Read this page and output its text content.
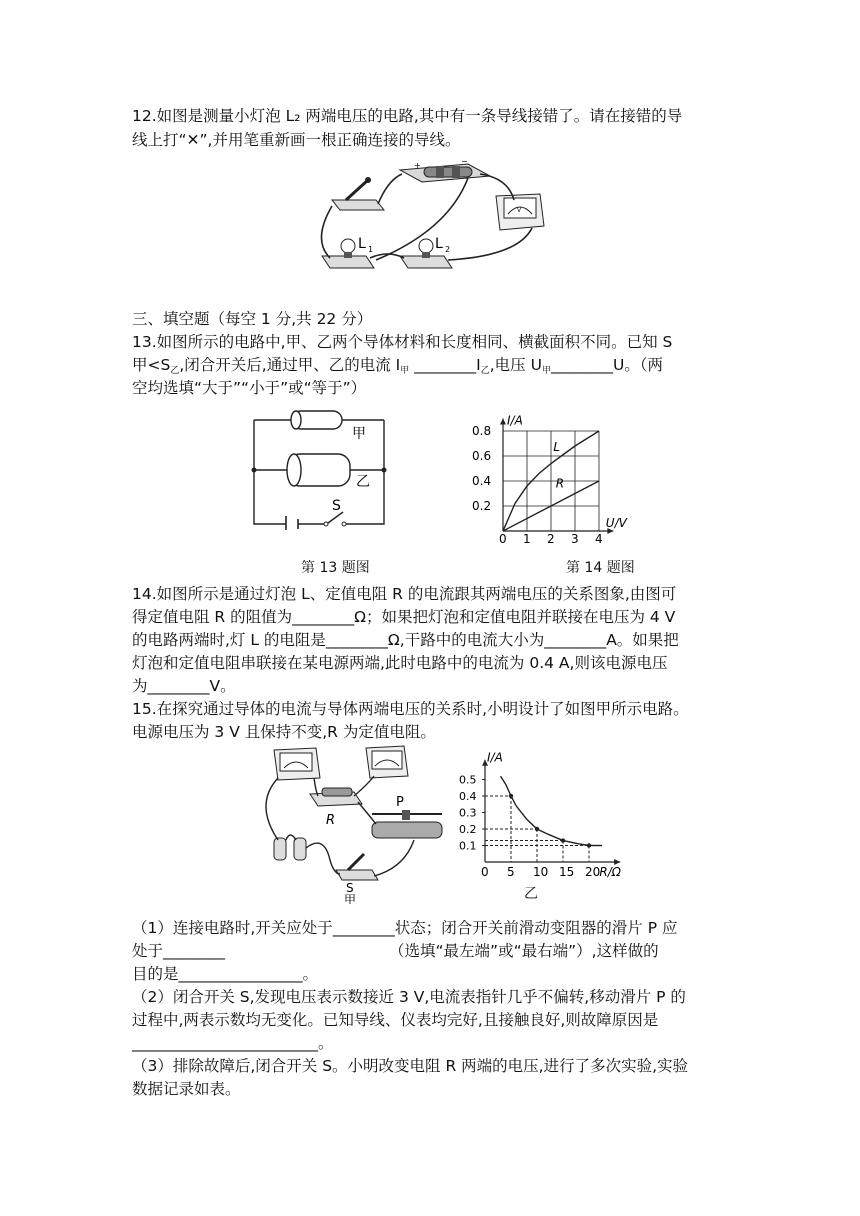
12.如图是测量小灯泡 L₂ 两端电压的电路,其中有一条导线接错了。请在接错的导
线上打“✕”,并用笔重新画一根正确连接的导线。
+	−
V
L 1	L 2
三、填空题（每空 1 分,共 22 分）
13.如图所示的电路中,甲、乙两个导体材料和长度相同、横截面积不同。已知 S
甲$<S_乙$,闭合开关后,通过甲、乙的电流 $I_甲$ $\_\_\_\_\_\_\_\_I_乙$,电压 $U_甲\_\_\_\_\_\_\_\_U$。（两
空均选填“大于”“小于”或“等于”）
甲
乙
S
0 1 2 3 4
0.2
0.4
0.6
0.8
I/A
U/V
L
R
第 13 题图	第 14 题图
14.如图所示是通过灯泡 L、定值电阻 R 的电流跟其两端电压的关系图象,由图可
得定值电阻 R 的阻值为________Ω；如果把灯泡和定值电阻并联接在电压为 4 V
的电路两端时,灯 L 的电阻是________Ω,干路中的电流大小为________A。如果把
灯泡和定值电阻串联接在某电源两端,此时电路中的电流为 0.4 A,则该电源电压
为________V。
15.在探究通过导体的电流与导体两端电压的关系时,小明设计了如图甲所示电路。
电源电压为 3 V 且保持不变,R 为定值电阻。
R
P
S
甲
0 5 10 15 20
0.1
0.2
0.3
0.4
0.5
I/A
R/Ω
乙
（1）连接电路时,开关应处于________状态；闭合开关前滑动变阻器的滑片 P 应
处于________	（选填“最左端”或“最右端”）,这样做的
目的是________________。
（2）闭合开关 S,发现电压表示数接近 3 V,电流表指针几乎不偏转,移动滑片 P 的
过程中,两表示数均无变化。已知导线、仪表均完好,且接触良好,则故障原因是
________________________。
（3）排除故障后,闭合开关 S。小明改变电阻 R 两端的电压,进行了多次实验,实验
数据记录如表。
